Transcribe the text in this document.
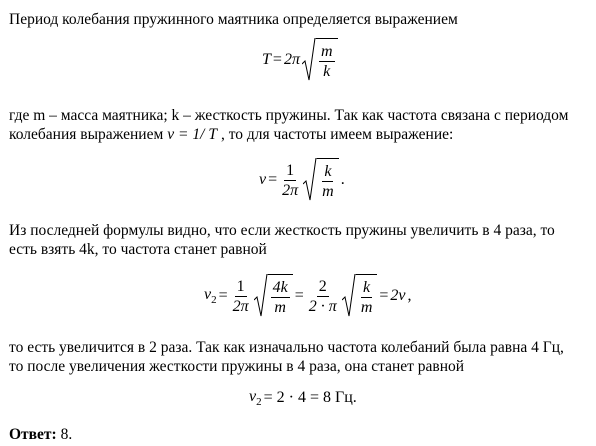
Период колебания пружинного маятника определяется выражением
$T = 2\pi \frac{m}{k}$
где m – масса маятника; k – жесткость пружины. Так как частота связана с периодом
колебания выражением ν = 1/ T , то для частоты имеем выражение:
$\nu = \frac{1}{2\pi} \frac{k}{m}$ .
Из последней формулы видно, что если жесткость пружины увеличить в 4 раза, то
есть взять 4k, то частота станет равной
$\nu_2 = \frac{1}{2\pi} \frac{4k}{m} = \frac{2}{2 \cdot \pi} \frac{k}{m} = 2\nu$ ,
то есть увеличится в 2 раза. Так как изначально частота колебаний была равна 4 Гц,
то после увеличения жесткости пружины в 4 раза, она станет равной
$\nu_2 = 2 \cdot 4 = 8$ Гц.
Ответ: 8.
